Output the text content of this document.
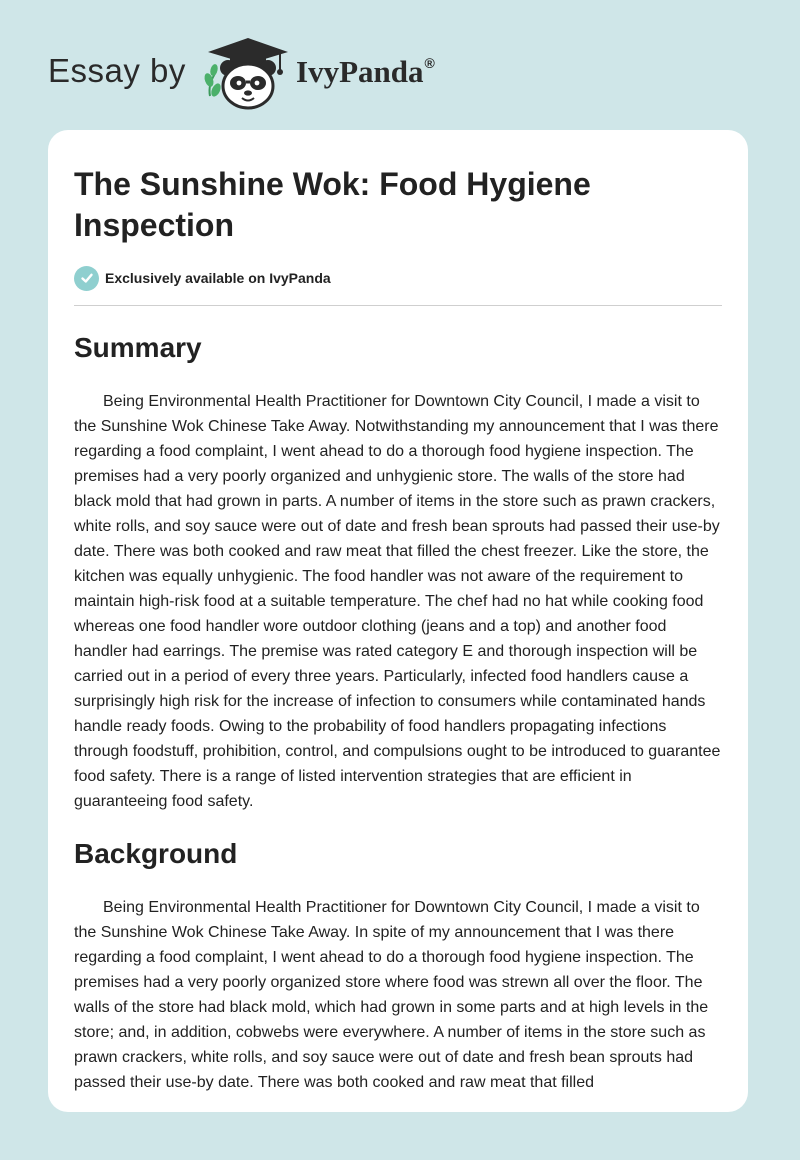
Essay by	IvyPanda®
The Sunshine Wok: Food Hygiene Inspection
Exclusively available on IvyPanda
Summary

Being Environmental Health Practitioner for Downtown City Council, I made a visit to the Sunshine Wok Chinese Take Away. Notwithstanding my announcement that I was there regarding a food complaint, I went ahead to do a thorough food hygiene inspection. The premises had a very poorly organized and unhygienic store. The walls of the store had black mold that had grown in parts. A number of items in the store such as prawn crackers, white rolls, and soy sauce were out of date and fresh bean sprouts had passed their use-by date. There was both cooked and raw meat that filled the chest freezer. Like the store, the kitchen was equally unhygienic. The food handler was not aware of the requirement to maintain high-risk food at a suitable temperature. The chef had no hat while cooking food whereas one food handler wore outdoor clothing (jeans and a top) and another food handler had earrings. The premise was rated category E and thorough inspection will be carried out in a period of every three years. Particularly, infected food handlers cause a surprisingly high risk for the increase of infection to consumers while contaminated hands handle ready foods. Owing to the probability of food handlers propagating infections through foodstuff, prohibition, control, and compulsions ought to be introduced to guarantee food safety. There is a range of listed intervention strategies that are efficient in guaranteeing food safety.

Background

Being Environmental Health Practitioner for Downtown City Council, I made a visit to the Sunshine Wok Chinese Take Away. In spite of my announcement that I was there regarding a food complaint, I went ahead to do a thorough food hygiene inspection. The premises had a very poorly organized store where food was strewn all over the floor. The walls of the store had black mold, which had grown in some parts and at high levels in the store; and, in addition, cobwebs were everywhere. A number of items in the store such as prawn crackers, white rolls, and soy sauce were out of date and fresh bean sprouts had passed their use-by date. There was both cooked and raw meat that filled
